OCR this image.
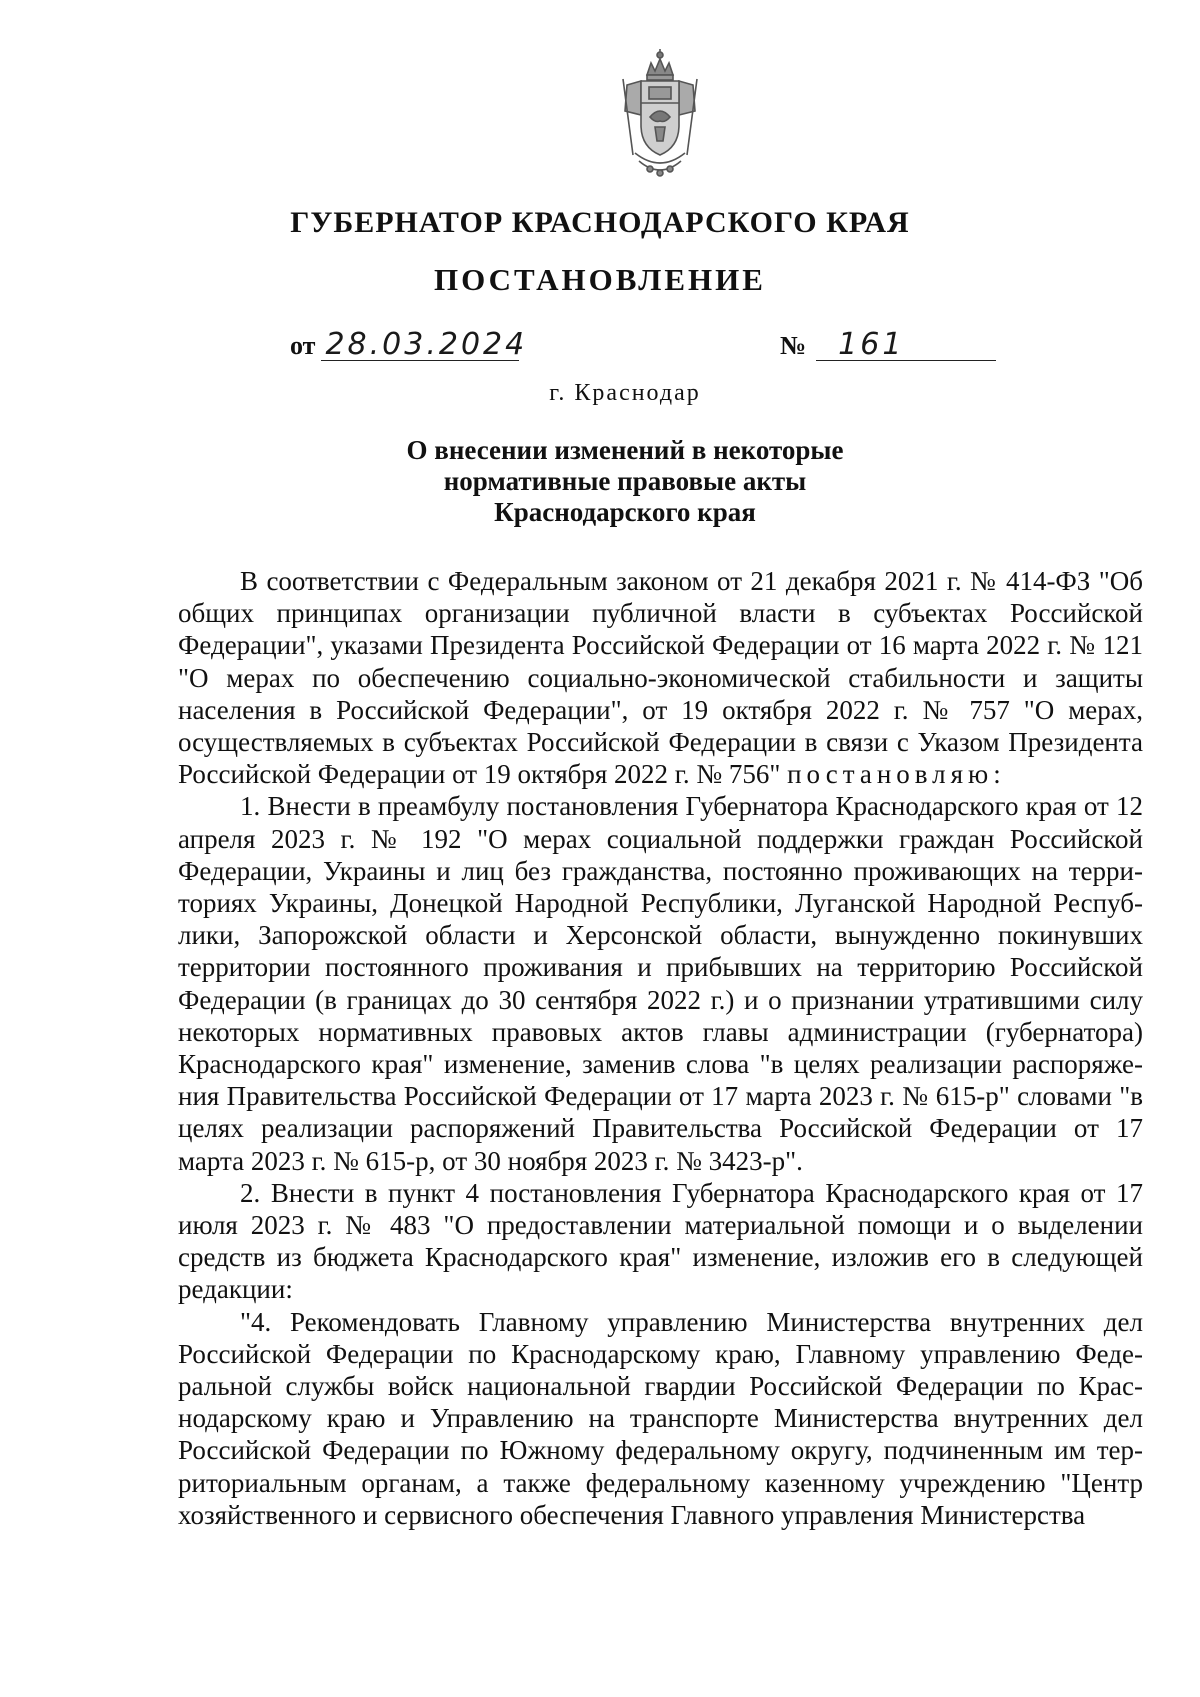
ГУБЕРНАТОР КРАСНОДАРСКОГО КРАЯ
ПОСТАНОВЛЕНИЕ
от 28.03.2024	№	161
г. Краснодар
О внесении изменений в некоторые
нормативные правовые акты
Краснодарского края

В соответствии с Федеральным законом от 21 декабря 2021 г. № 414-ФЗ "Об общих принципах организации публичной власти в субъектах Российской Федерации", указами Президента Российской Федерации от 16 марта 2022 г. № 121 "О мерах по обеспечению социально-экономической стабильности и защиты населения в Российской Федерации", от 19 октября 2022 г. № 757 "О мерах, осуществляемых в субъектах Российской Федерации в связи с Указом Президента Российской Федерации от 19 октября 2022 г. № 756" постановляю:

1. Внести в преамбулу постановления Губернатора Краснодарского края от 12 апреля 2023 г. № 192 "О мерах социальной поддержки граждан Российской Федерации, Украины и лиц без гражданства, постоянно проживающих на территориях Украины, Донецкой Народной Республики, Луганской Народной Республики, Запорожской области и Херсонской области, вынужденно покинувших территории постоянного проживания и прибывших на территорию Российской Федерации (в границах до 30 сентября 2022 г.) и о признании утратившими силу некоторых нормативных правовых актов главы администрации (губернатора) Краснодарского края" изменение, заменив слова "в целях реализации распоряжения Правительства Российской Федерации от 17 марта 2023 г. № 615-р" словами "в целях реализации распоряжений Правительства Российской Федерации от 17 марта 2023 г. № 615-р, от 30 ноября 2023 г. № 3423-р".

2. Внести в пункт 4 постановления Губернатора Краснодарского края от 17 июля 2023 г. № 483 "О предоставлении материальной помощи и о выделении средств из бюджета Краснодарского края" изменение, изложив его в следующей редакции:

"4. Рекомендовать Главному управлению Министерства внутренних дел Российской Федерации по Краснодарскому краю, Главному управлению Федеральной службы войск национальной гвардии Российской Федерации по Краснодарскому краю и Управлению на транспорте Министерства внутренних дел Российской Федерации по Южному федеральному округу, подчиненным им территориальным органам, а также федеральному казенному учреждению "Центр хозяйственного и сервисного обеспечения Главного управления Министерства
